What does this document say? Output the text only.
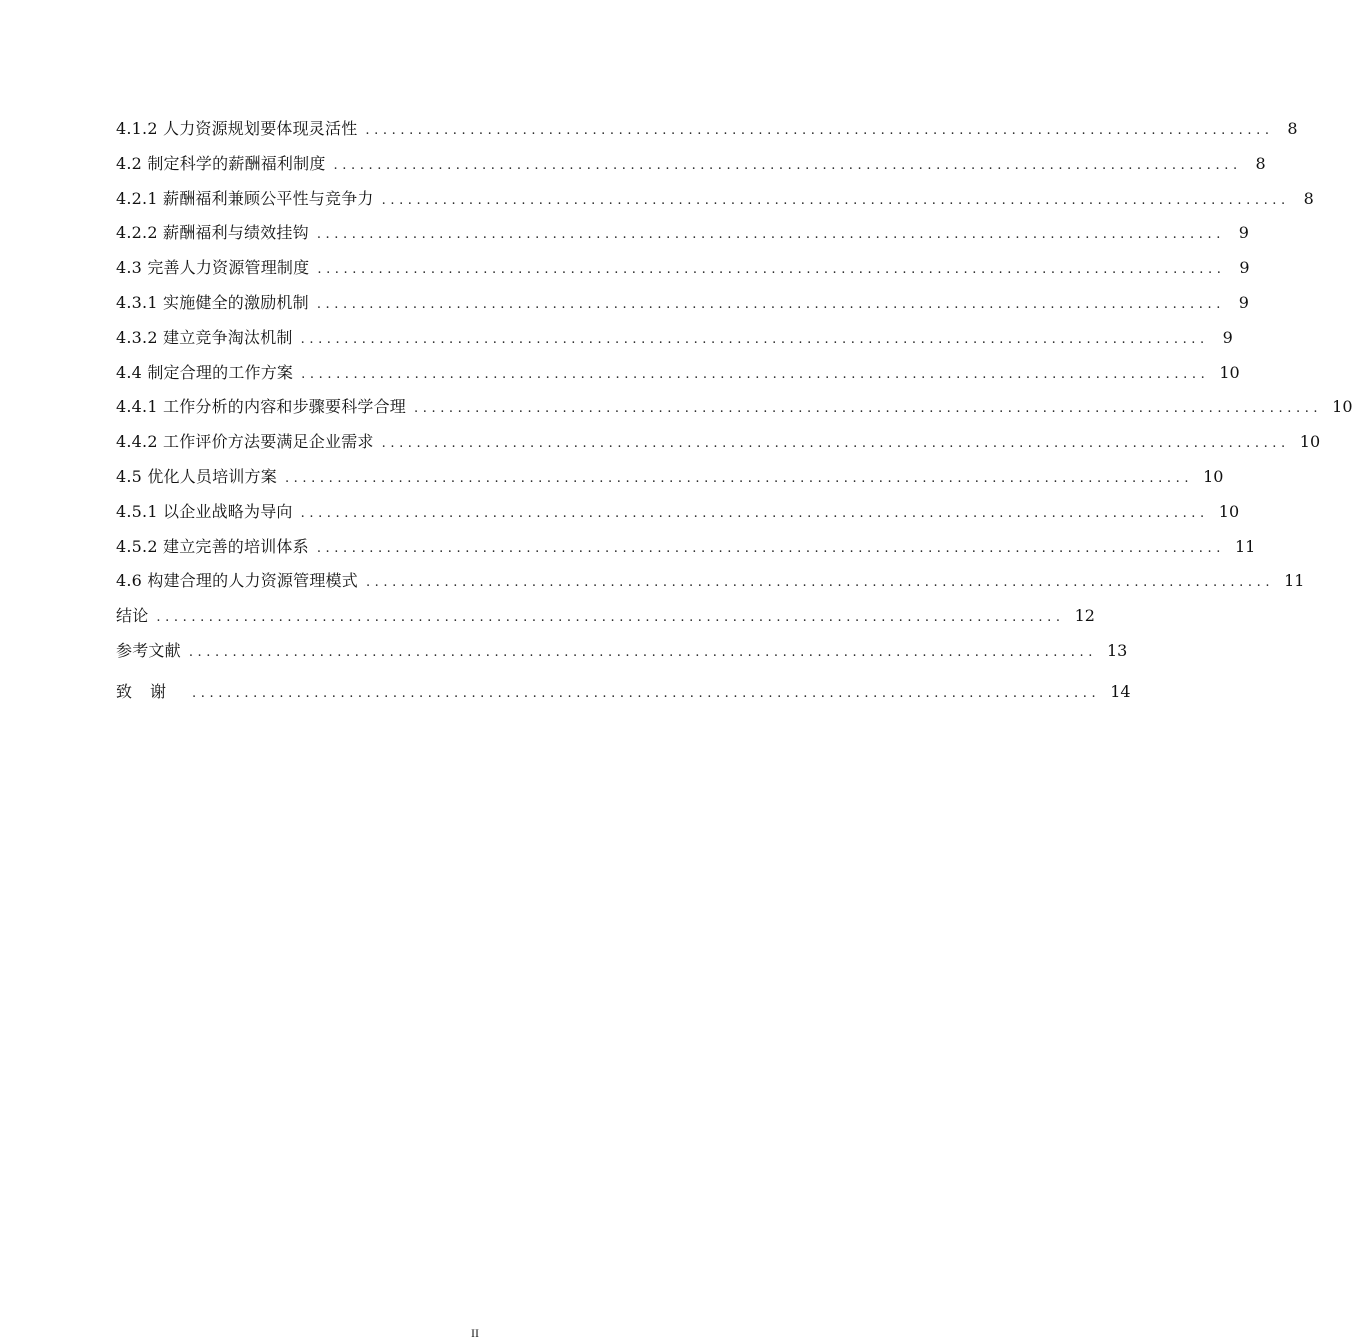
4.1.2 人力资源规划要体现灵活性 ........................................................................................................ 8
4.2 制定科学的薪酬福利制度 ........................................................................................................ 8
4.2.1 薪酬福利兼顾公平性与竞争力 ........................................................................................................ 8
4.2.2 薪酬福利与绩效挂钩 ........................................................................................................ 9
4.3 完善人力资源管理制度 ........................................................................................................ 9
4.3.1 实施健全的激励机制 ........................................................................................................ 9
4.3.2 建立竞争淘汰机制 ........................................................................................................ 9
4.4 制定合理的工作方案 ........................................................................................................ 10
4.4.1 工作分析的内容和步骤要科学合理 ........................................................................................................ 10
4.4.2 工作评价方法要满足企业需求 ........................................................................................................ 10
4.5 优化人员培训方案 ........................................................................................................ 10
4.5.1 以企业战略为导向 ........................................................................................................ 10
4.5.2 建立完善的培训体系 ........................................................................................................ 11
4.6 构建合理的人力资源管理模式 ........................................................................................................ 11
结论 ........................................................................................................ 12
参考文献 ........................................................................................................ 13
致谢 ........................................................................................................ 14
II
